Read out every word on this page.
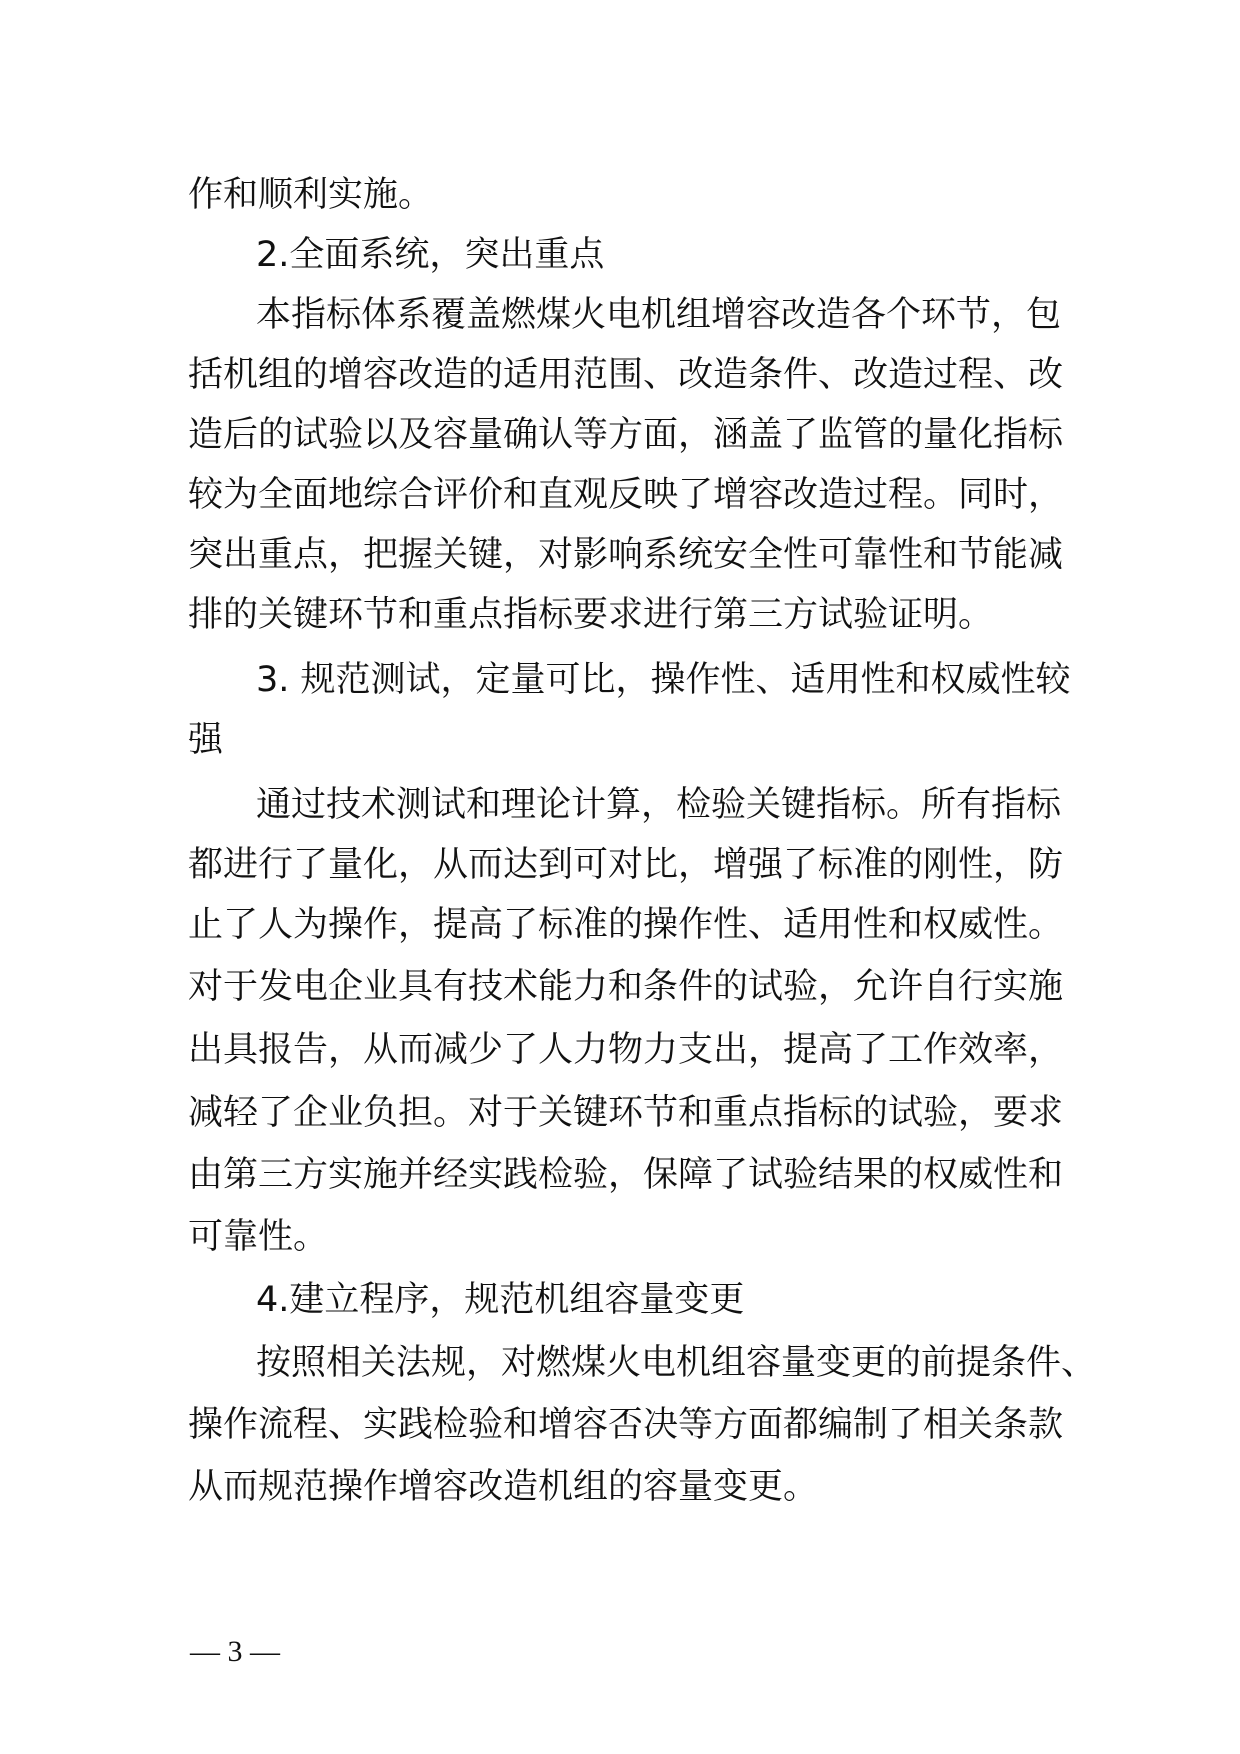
作和顺利实施。
2.全面系统，突出重点
本指标体系覆盖燃煤火电机组增容改造各个环节，包
括机组的增容改造的适用范围、改造条件、改造过程、改
造后的试验以及容量确认等方面，涵盖了监管的量化指标
较为全面地综合评价和直观反映了增容改造过程。同时，
突出重点，把握关键，对影响系统安全性可靠性和节能减
排的关键环节和重点指标要求进行第三方试验证明。
3. 规范测试，定量可比，操作性、适用性和权威性较
强
通过技术测试和理论计算，检验关键指标。所有指标
都进行了量化，从而达到可对比，增强了标准的刚性，防
止了人为操作，提高了标准的操作性、适用性和权威性。
对于发电企业具有技术能力和条件的试验，允许自行实施
出具报告，从而减少了人力物力支出，提高了工作效率，
减轻了企业负担。对于关键环节和重点指标的试验，要求
由第三方实施并经实践检验，保障了试验结果的权威性和
可靠性。
4.建立程序，规范机组容量变更
按照相关法规，对燃煤火电机组容量变更的前提条件、
操作流程、实践检验和增容否决等方面都编制了相关条款
从而规范操作增容改造机组的容量变更。
— 3 —
